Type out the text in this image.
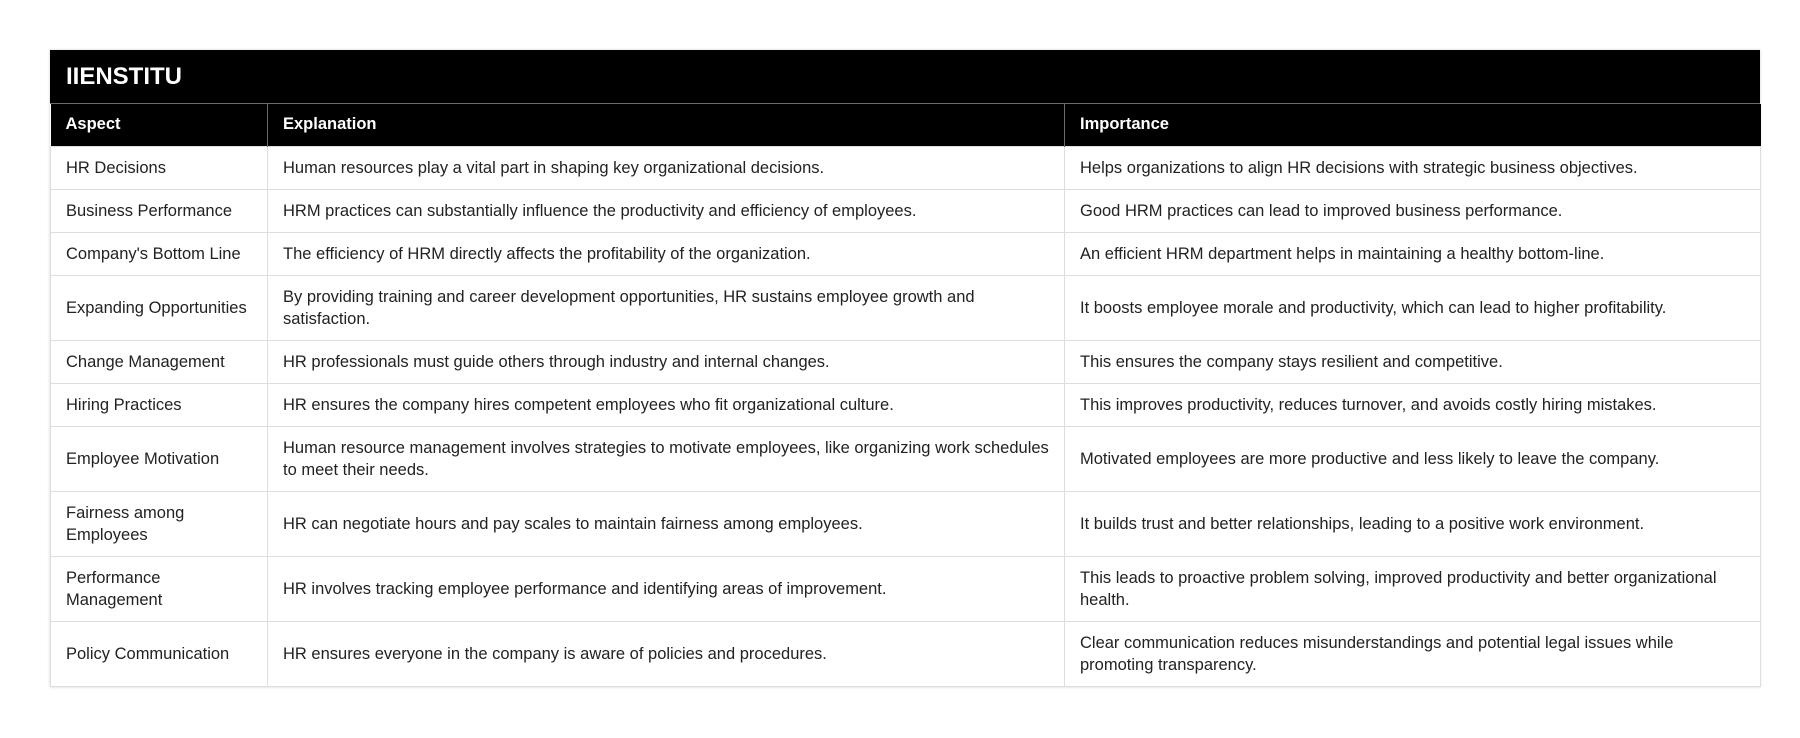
IIENSTITU
Aspect	Explanation	Importance
HR Decisions	Human resources play a vital part in shaping key organizational decisions.	Helps organizations to align HR decisions with strategic business objectives.
Business Performance	HRM practices can substantially influence the productivity and efficiency of employees.	Good HRM practices can lead to improved business performance.
Company's Bottom Line	The efficiency of HRM directly affects the profitability of the organization.	An efficient HRM department helps in maintaining a healthy bottom-line.
Expanding Opportunities	By providing training and career development opportunities, HR sustains employee growth and satisfaction.	It boosts employee morale and productivity, which can lead to higher profitability.
Change Management	HR professionals must guide others through industry and internal changes.	This ensures the company stays resilient and competitive.
Hiring Practices	HR ensures the company hires competent employees who fit organizational culture.	This improves productivity, reduces turnover, and avoids costly hiring mistakes.
Employee Motivation	Human resource management involves strategies to motivate employees, like organizing work schedules to meet their needs.	Motivated employees are more productive and less likely to leave the company.
Fairness among Employees	HR can negotiate hours and pay scales to maintain fairness among employees.	It builds trust and better relationships, leading to a positive work environment.
Performance Management	HR involves tracking employee performance and identifying areas of improvement.	This leads to proactive problem solving, improved productivity and better organizational health.
Policy Communication	HR ensures everyone in the company is aware of policies and procedures.	Clear communication reduces misunderstandings and potential legal issues while promoting transparency.
